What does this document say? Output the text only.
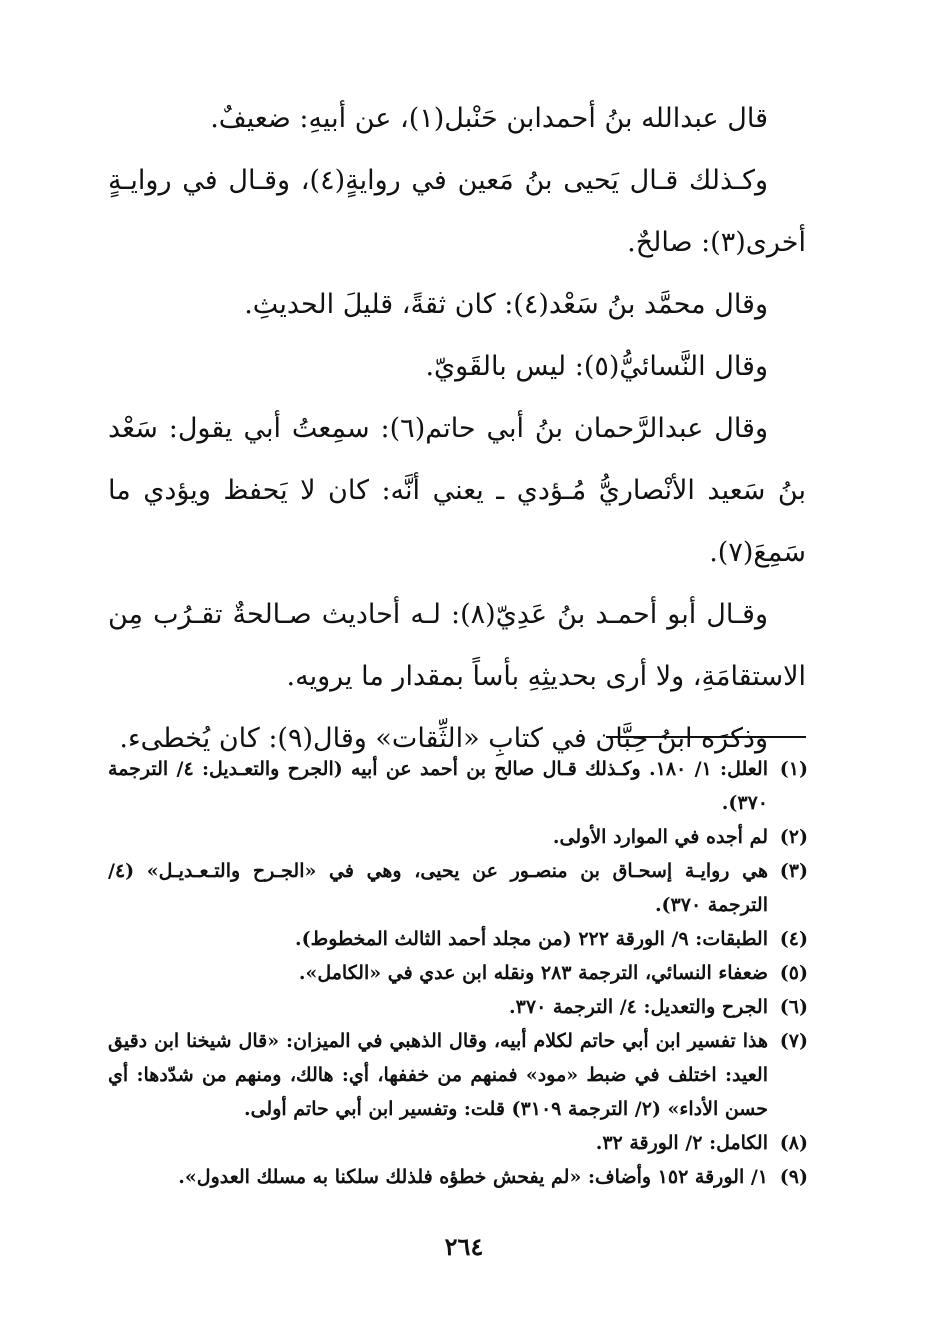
قال عبدالله بنُ أحمدابن حَنْبل(١)، عن أبيهِ: ضعيفٌ.

وكـذلك قـال يَحيى بنُ مَعين في روايةٍ(٤)، وقـال في روايـةٍ أخرى(٣): صالحٌ.

وقال محمَّد بنُ سَعْد(٤): كان ثقةً، قليلَ الحديثِ.

وقال النَّسائيُّ(٥): ليس بالقَويّ.

وقال عبدالرَّحمان بنُ أبي حاتم(٦): سمِعتُ أبي يقول: سَعْد بنُ سَعيد الأنْصاريُّ مُـؤدي ـ يعني أنَّه: كان لا يَحفظ ويؤدي ما سَمِعَ(٧).

وقـال أبو أحمـد بنُ عَدِيّ(٨): لـه أحاديث صـالحةٌ تقـرُب مِن الاستقامَةِ، ولا أرى بحديثِهِ بأساً بمقدار ما يرويه.

وذكرَه ابنُ حِبَّان في كتابِ «الثِّقات» وقال(٩): كان يُخطىء.

(١)
العلل: ١/ ١٨٠. وكـذلك قـال صالح بن أحمد عن أبيه (الجرح والتعـديل: ٤/ الترجمة ٣٧٠).
(٢)
لم أجده في الموارد الأولى.
(٣)
هي روايـة إسحـاق بن منصـور عن يحيى، وهي في «الجـرح والتـعـديـل» (٤/ الترجمة ٣٧٠).
(٤)
الطبقات: ٩/ الورقة ٢٢٢ (من مجلد أحمد الثالث المخطوط).
(٥)
ضعفاء النسائي، الترجمة ٢٨٣ ونقله ابن عدي في «الكامل».
(٦)
الجرح والتعديل: ٤/ الترجمة ٣٧٠.
(٧)
هذا تفسير ابن أبي حاتم لكلام أبيه، وقال الذهبي في الميزان: «قال شيخنا ابن دقيق العيد: اختلف في ضبط «مود» فمنهم من خففها، أي: هالك، ومنهم من شدّدها: أي حسن الأداء» (٢/ الترجمة ٣١٠٩) قلت: وتفسير ابن أبي حاتم أولى.
(٨)
الكامل: ٢/ الورقة ٣٢.
(٩)
١/ الورقة ١٥٢ وأضاف: «لم يفحش خطؤه فلذلك سلكنا به مسلك العدول».
٢٦٤
